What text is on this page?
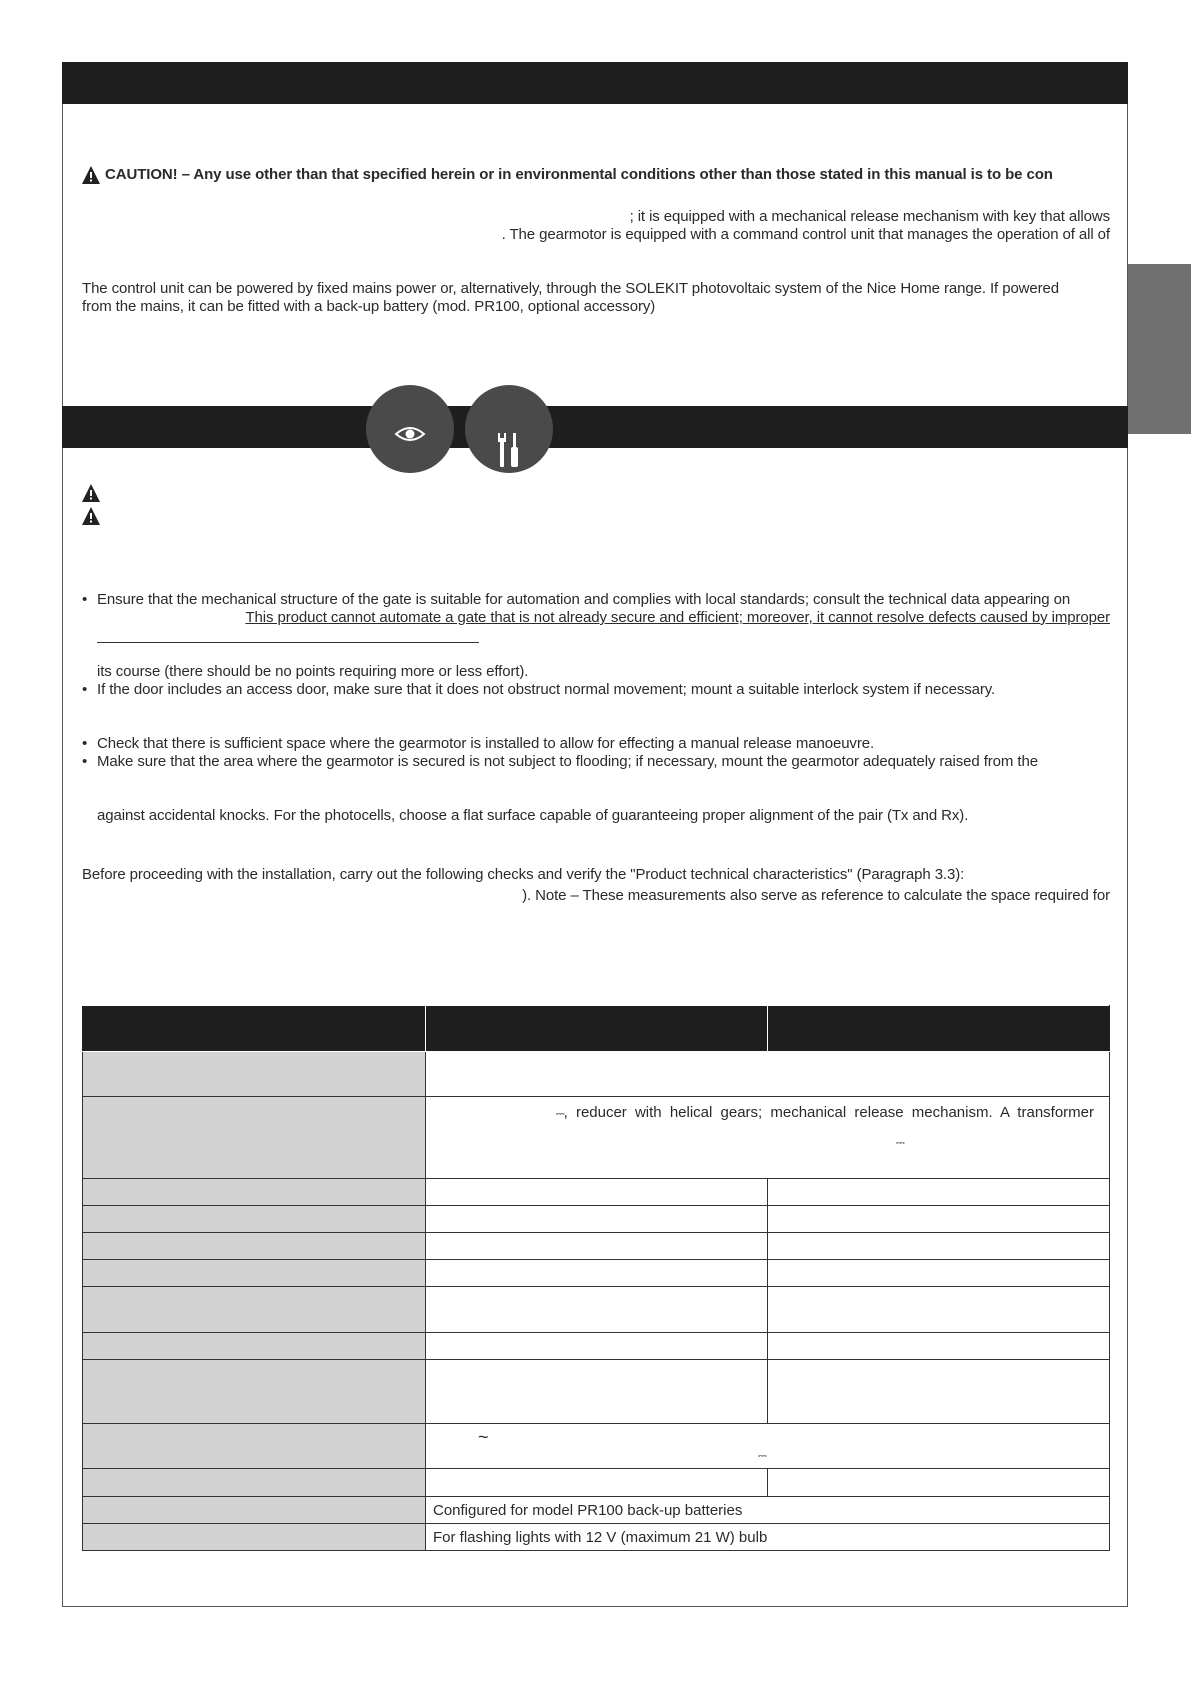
CAUTION! – Any use other than that specified herein or in environmental conditions other than those stated in this manual is to be con
; it is equipped with a mechanical release mechanism with key that allows
. The gearmotor is equipped with a command control unit that manages the operation of all of
The control unit can be powered by fixed mains power or, alternatively, through the SOLEKIT photovoltaic system of the Nice Home range. If powered
from the mains, it can be fitted with a back-up battery (mod. PR100, optional accessory)
• Ensure that the mechanical structure of the gate is suitable for automation and complies with local standards; consult the technical data appearing on
This product cannot automate a gate that is not already secure and efficient; moreover, it cannot resolve defects caused by improper
its course (there should be no points requiring more or less effort).
• If the door includes an access door, make sure that it does not obstruct normal movement; mount a suitable interlock system if necessary.
• Check that there is sufficient space where the gearmotor is installed to allow for effecting a manual release manoeuvre.
• Make sure that the area where the gearmotor is secured is not subject to flooding; if necessary, mount the gearmotor adequately raised from the
against accidental knocks. For the photocells, choose a flat surface capable of guaranteeing proper alignment of the pair (Tx and Rx).
Before proceeding with the installation, carry out the following checks and verify the "Product technical characteristics" (Paragraph 3.3):
). Note – These measurements also serve as reference to calculate the space required for

	⎓, reducer with helical gears; mechanical release mechanism. A transformer
⎓	

	~
⎓	

	Configured for model PR100 back-up batteries	
	For flashing lights with 12 V (maximum 21 W) bulb	
